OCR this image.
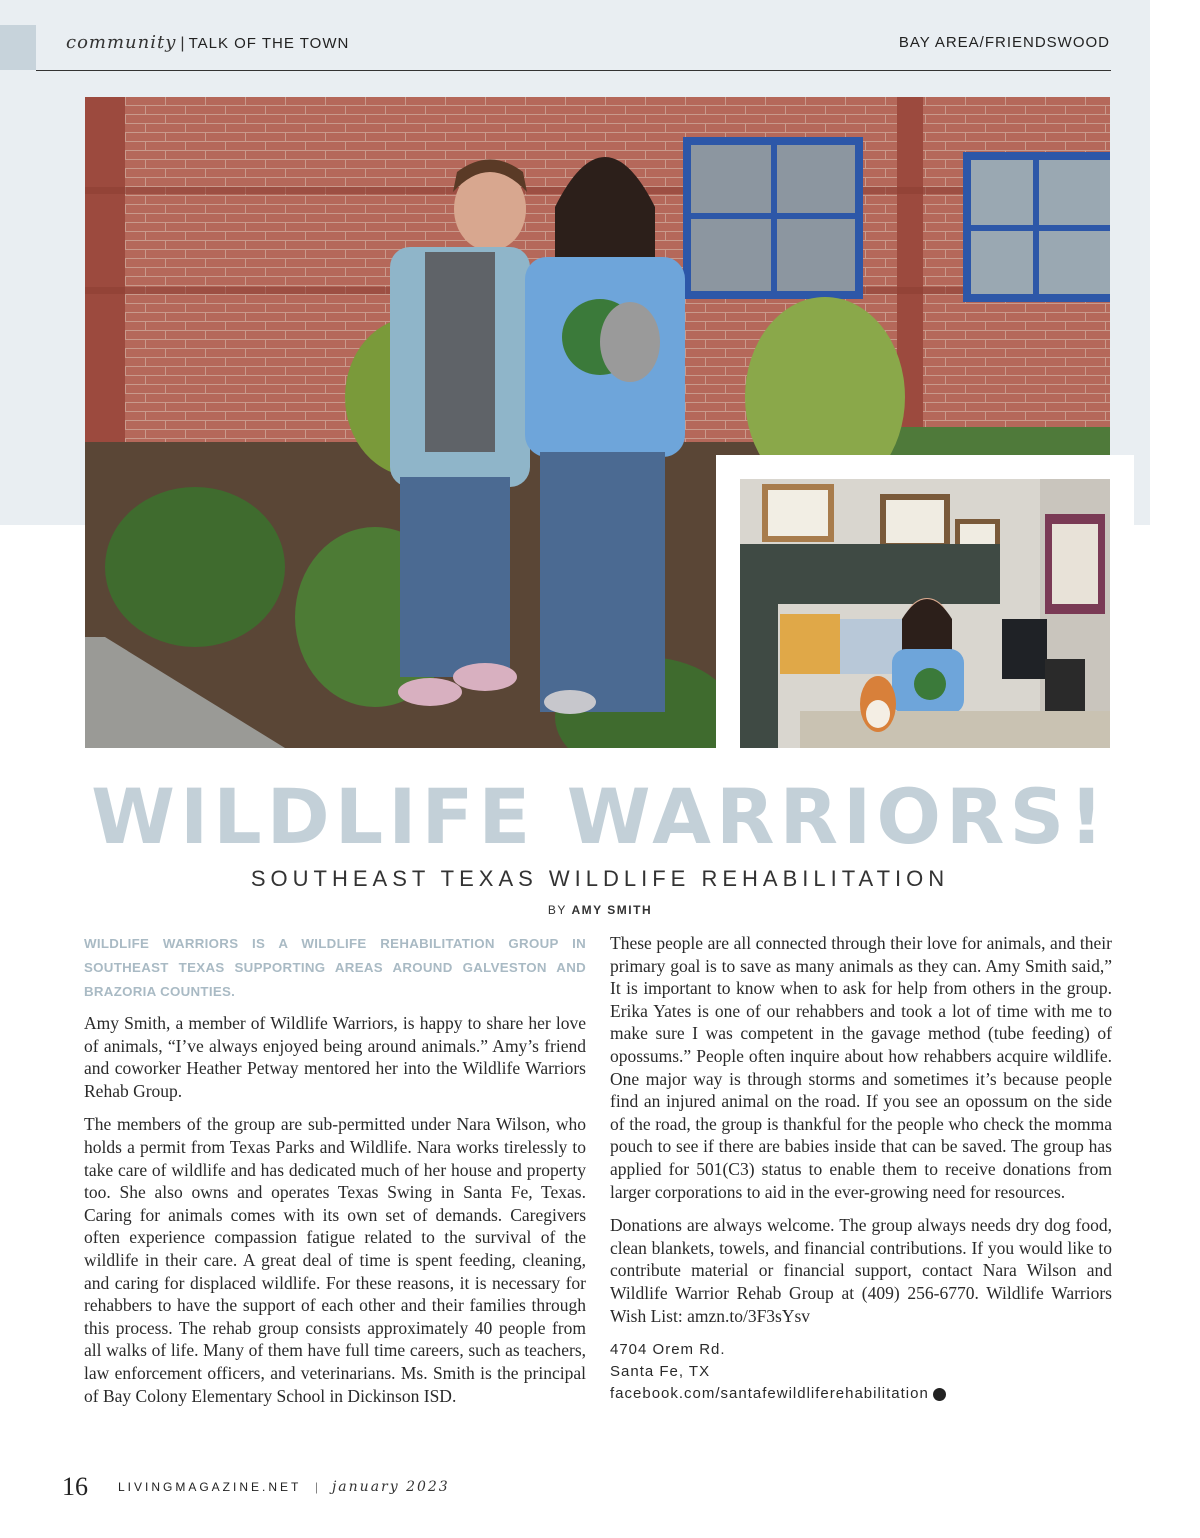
community | TALK OF THE TOWN	BAY AREA/FRIENDSWOOD
WILDLIFE WARRIORS!
SOUTHEAST TEXAS WILDLIFE REHABILITATION
BY AMY SMITH

WILDLIFE WARRIORS IS A WILDLIFE REHABILITATION GROUP IN SOUTHEAST TEXAS SUPPORTING AREAS AROUND GALVESTON AND BRAZORIA COUNTIES.

Amy Smith, a member of Wildlife Warriors, is happy to share her love of animals, “I’ve always enjoyed being around animals.” Amy’s friend and coworker Heather Petway mentored her into the Wildlife Warriors Rehab Group.

The members of the group are sub-permitted under Nara Wilson, who holds a permit from Texas Parks and Wildlife. Nara works tirelessly to take care of wildlife and has dedicated much of her house and property too. She also owns and operates Texas Swing in Santa Fe, Texas. Caring for animals comes with its own set of demands. Caregivers often experience compassion fatigue related to the survival of the wildlife in their care. A great deal of time is spent feeding, cleaning, and caring for displaced wildlife. For these reasons, it is necessary for rehabbers to have the support of each other and their families through this process. The rehab group consists approximately 40 people from all walks of life. Many of them have full time careers, such as teachers, law enforcement officers, and veterinarians. Ms. Smith is the principal of Bay Colony Elementary School in Dickinson ISD.

These people are all connected through their love for animals, and their primary goal is to save as many animals as they can. Amy Smith said,” It is important to know when to ask for help from others in the group. Erika Yates is one of our rehabbers and took a lot of time with me to make sure I was competent in the gavage method (tube feeding) of opossums.” People often inquire about how rehabbers acquire wildlife. One major way is through storms and sometimes it’s because people find an injured animal on the road. If you see an opossum on the side of the road, the group is thankful for the people who check the momma pouch to see if there are babies inside that can be saved. The group has applied for 501(C3) status to enable them to receive donations from larger corporations to aid in the ever-growing need for resources.

Donations are always welcome. The group always needs dry dog food, clean blankets, towels, and financial contributions. If you would like to contribute material or financial support, contact Nara Wilson and Wildlife Warrior Rehab Group at (409) 256-6770. Wildlife Warriors Wish List: amzn.to/3F3sYsv

4704 Orem Rd.
Santa Fe, TX
facebook.com/santafewildliferehabilitation
16	LIVINGMAGAZINE.NET | january 2023
